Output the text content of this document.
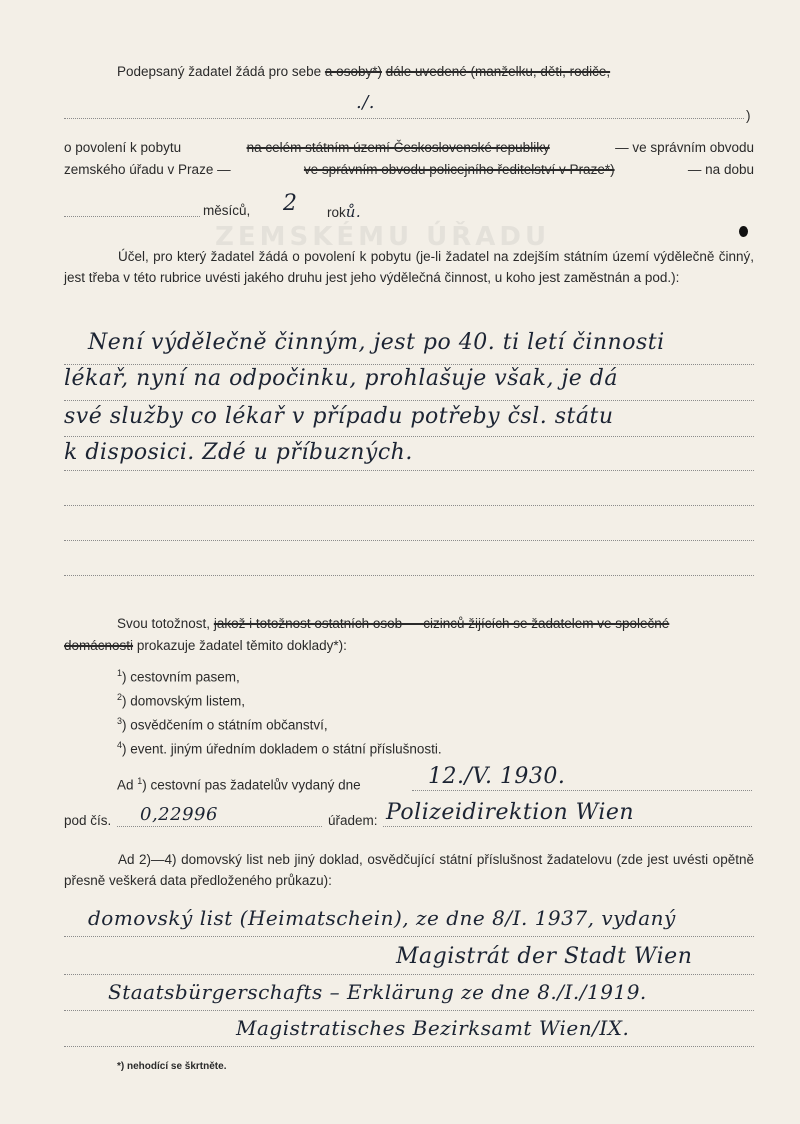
ZEMSKÉMU ÚŘADU
Podepsaný žadatel žádá pro sebe a osoby*) dále uvedené (manželku, děti, rodiče,
./.
)
o povolení k pobytu	na celém státním území Československé republiky	— ve správním obvodu
zemského úřadu v Praze —	ve správním obvodu policejního ředitelství v Praze*)	— na dobu
měsíců, 2 roků.
Účel, pro který žadatel žádá o povolení k pobytu (je-li žadatel na zdejším státním území výdělečně činný, jest třeba v této rubrice uvésti jakého druhu jest jeho výdělečná činnost, u koho jest zaměstnán a pod.):
Není výdělečně činným, jest po 40. ti letí činnosti
lékař, nyní na odpočinku, prohlašuje však, je dá
své služby co lékař v případu potřeby čsl. státu
k disposici. Zdé u příbuzných.
Svou totožnost, jakož i totožnost ostatních osob — cizinců žijících se žadatelem ve společné
domácnosti prokazuje žadatel těmito doklady*):
$^1$) cestovním pasem,
$^2$) domovským listem,
$^3$) osvědčením o státním občanství,
$^4$) event. jiným úředním dokladem o státní příslušnosti.
Ad $^1$) cestovní pas žadatelův vydaný dne	12./V. 1930.
pod čís. 0,22996	úřadem: Polizeidirektion Wien
Ad 2)—4) domovský list neb jiný doklad, osvědčující státní příslušnost žadatelovu (zde jest uvésti opětně přesně veškerá data předloženého průkazu):
domovský list (Heimatschein), ze dne 8/I. 1937, vydaný
Magistrát der Stadt Wien
Staatsbürgerschafts – Erklärung ze dne 8./I./1919.
Magistratisches Bezirksamt Wien/IX.
*) nehodící se škrtněte.
